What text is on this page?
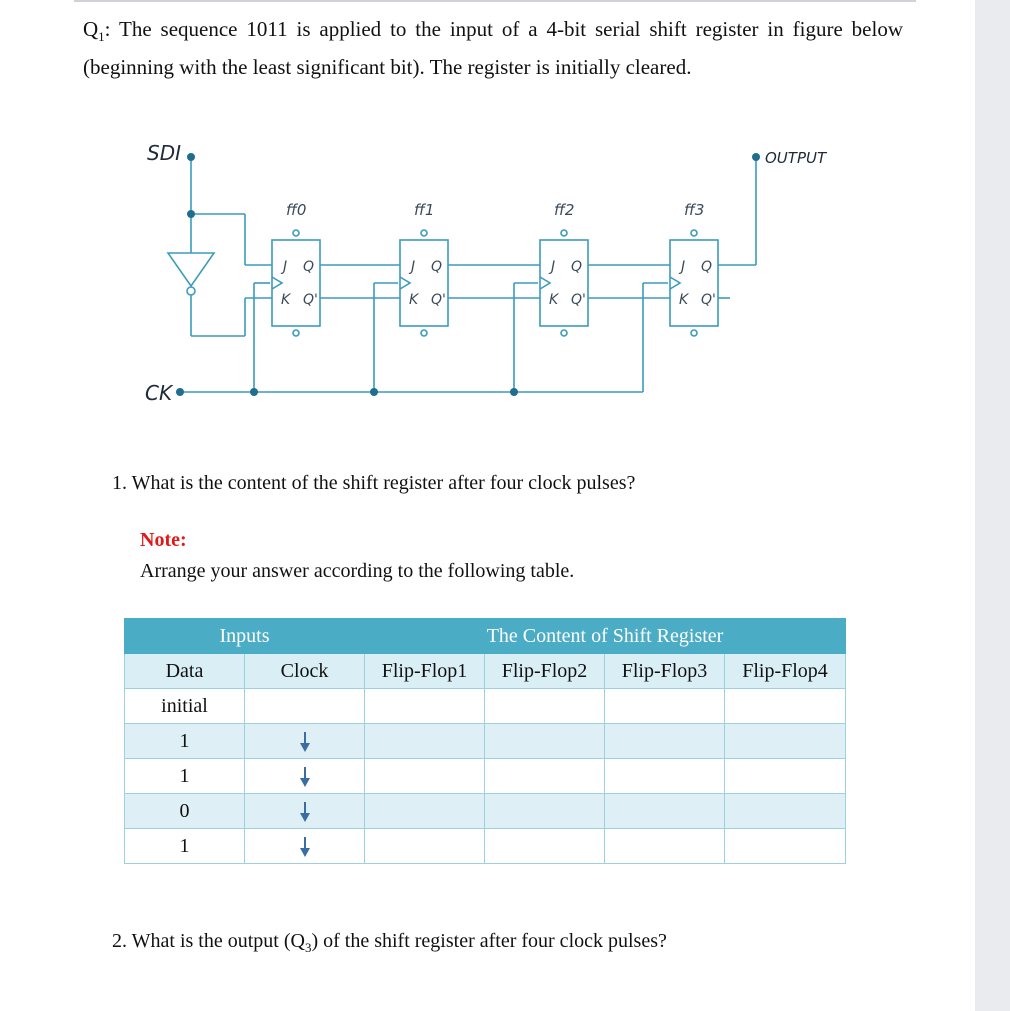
$Q_1$: The sequence 1011 is applied to the input of a 4-bit serial shift register in figure below (beginning with the least significant bit). The register is initially cleared.
SDI	OUTPUT
CK
ff0	ff1	ff2	ff3
J Q
K Q'
J Q
K Q'
J Q
K Q'
J Q
K Q'
1. What is the content of the shift register after four clock pulses?
Note:
Arrange your answer according to the following table.
Inputs		The Content of Shift Register			
Data	Clock	Flip-Flop1	Flip-Flop2	Flip-Flop3	Flip-Flop4
initial					
1					
1					
0					
1					
2. What is the output $(Q_3)$ of the shift register after four clock pulses?
